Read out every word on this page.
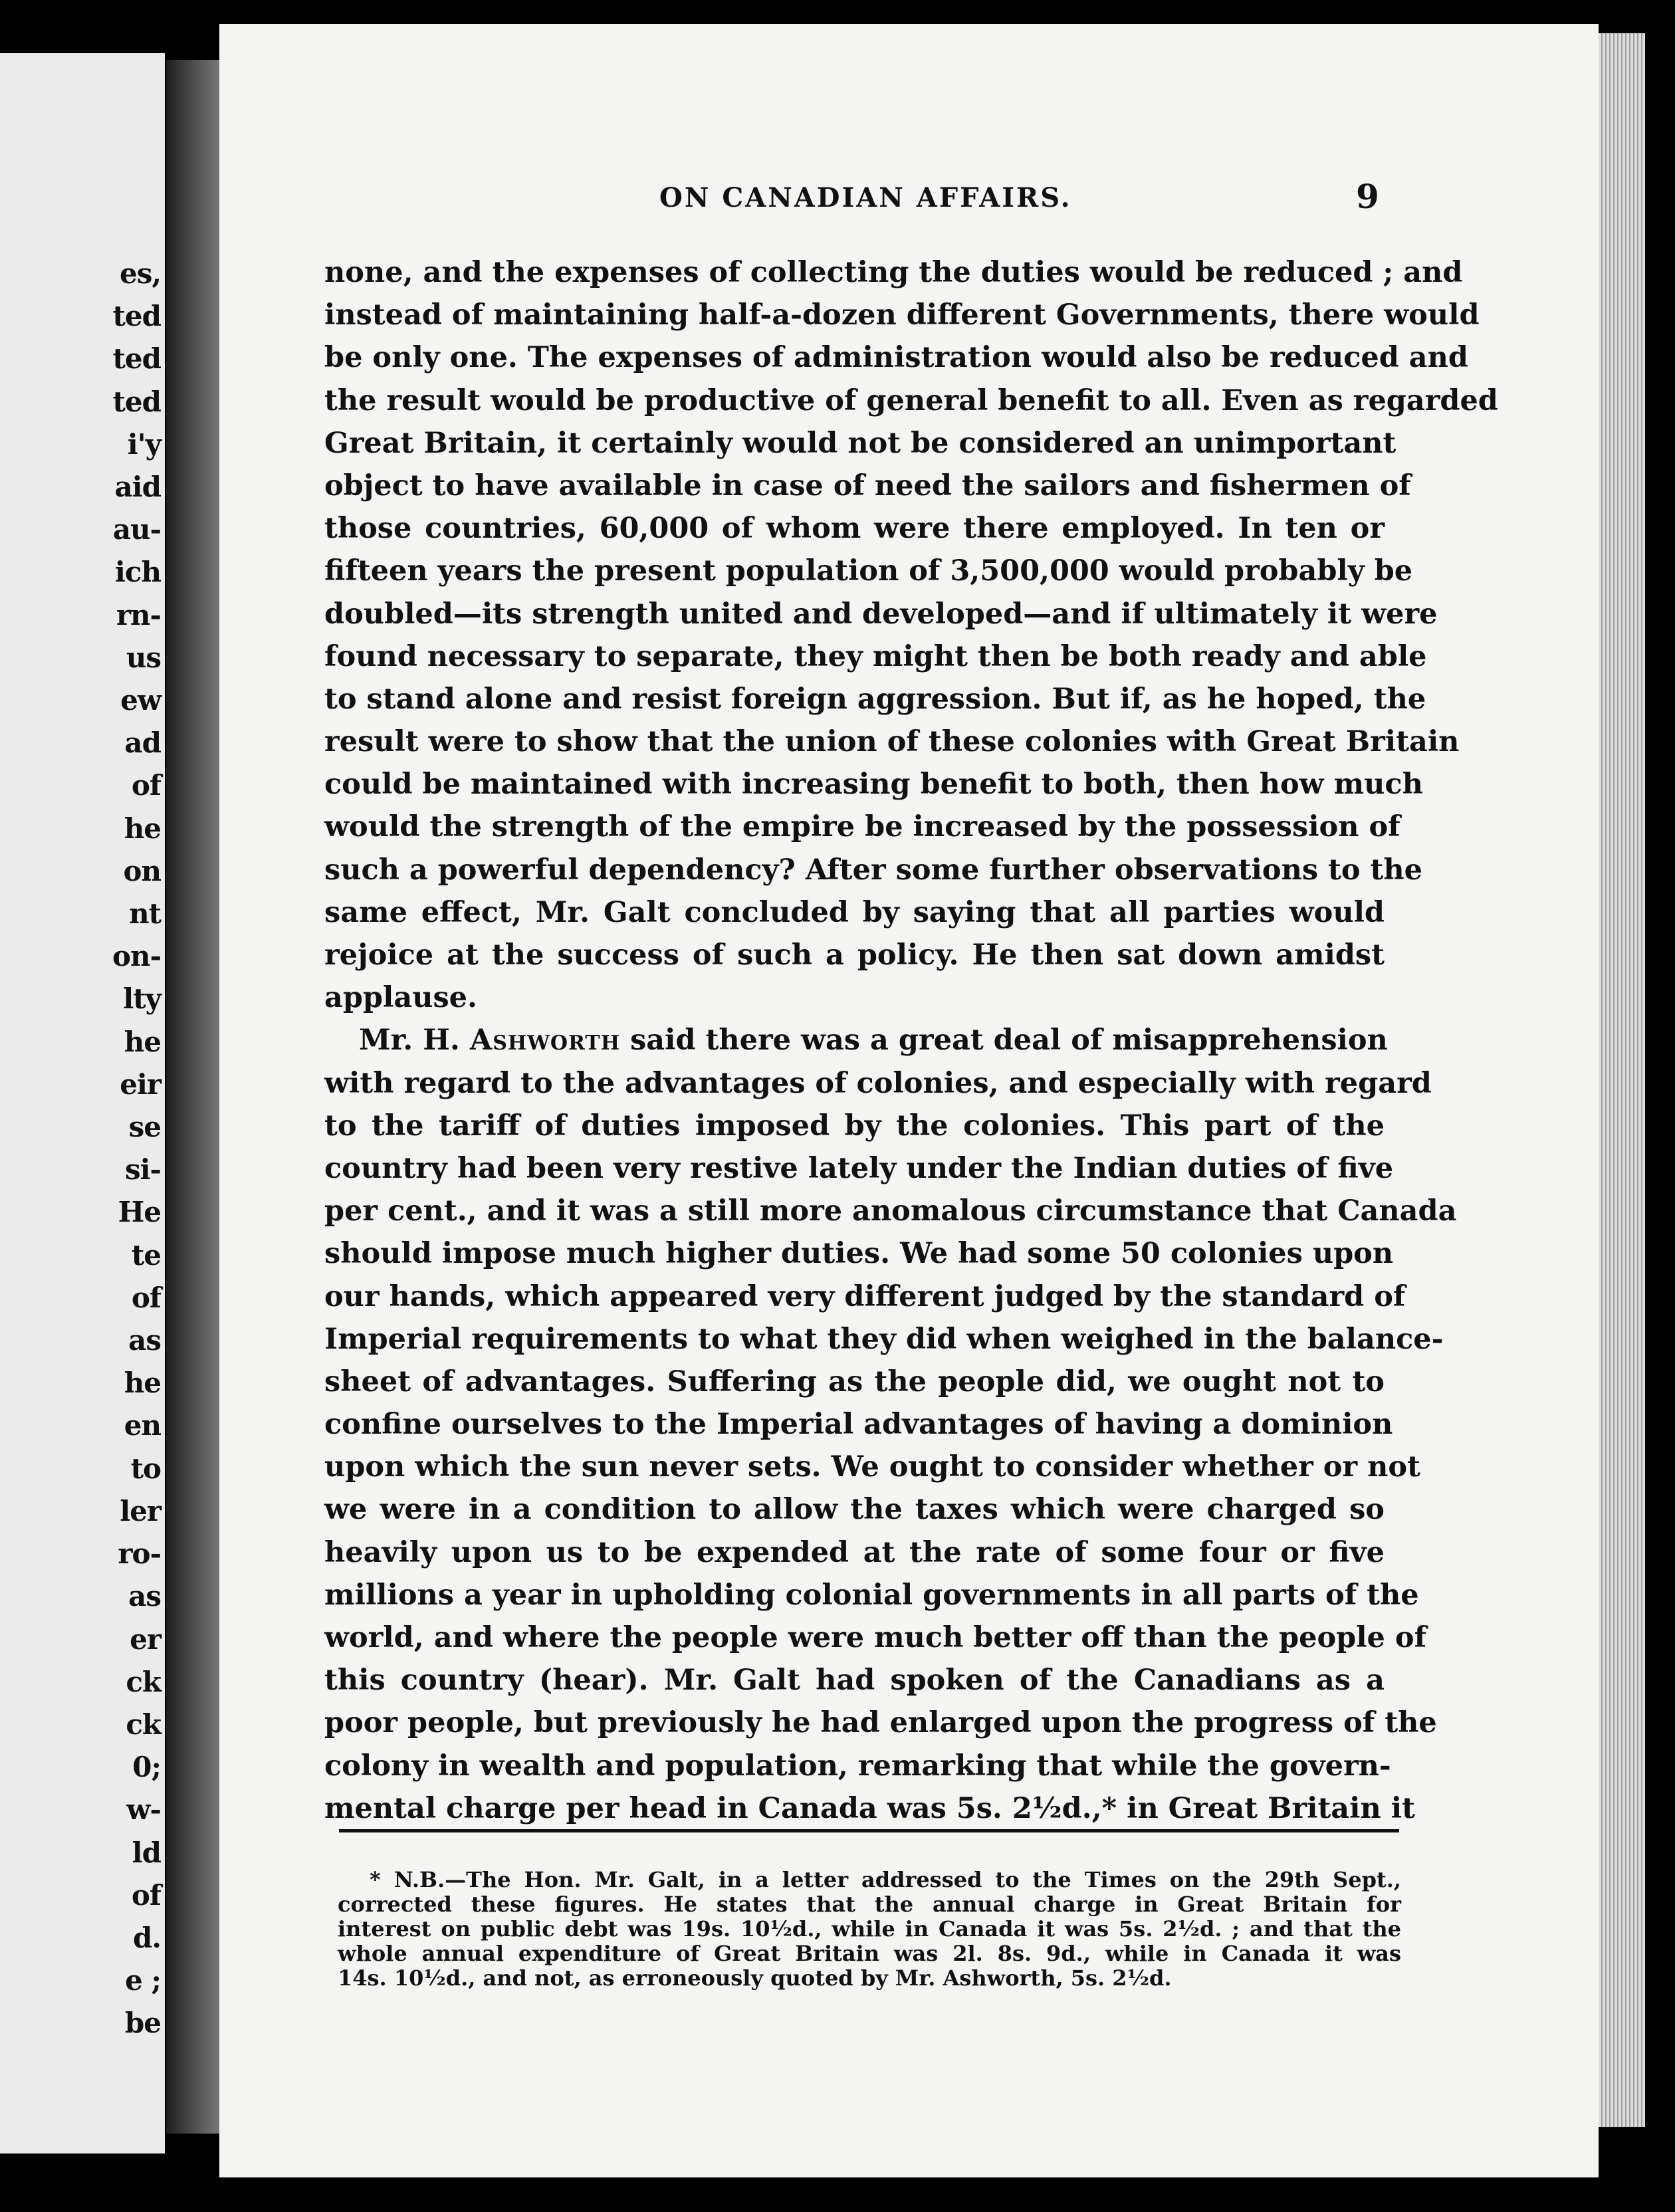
es,
ted
ted
ted
i'y
aid
au-
ich
rn-
us
ew
ad
of
he
on
nt
on-
lty
he
eir
se
si-
He
te
of
as
he
en
to
ler
ro-
as
er
ck
ck
0;
w-
ld
of
d.
e ;
be
ON CANADIAN AFFAIRS.	9
none, and the expenses of collecting the duties would be reduced ; and
instead of maintaining half-a-dozen different Governments, there would
be only one. The expenses of administration would also be reduced and
the result would be productive of general benefit to all. Even as regarded
Great Britain, it certainly would not be considered an unimportant
object to have available in case of need the sailors and fishermen of
those countries, 60,000 of whom were there employed. In ten or
fifteen years the present population of 3,500,000 would probably be
doubled—its strength united and developed—and if ultimately it were
found necessary to separate, they might then be both ready and able
to stand alone and resist foreign aggression. But if, as he hoped, the
result were to show that the union of these colonies with Great Britain
could be maintained with increasing benefit to both, then how much
would the strength of the empire be increased by the possession of
such a powerful dependency? After some further observations to the
same effect, Mr. Galt concluded by saying that all parties would
rejoice at the success of such a policy. He then sat down amidst
applause.
Mr. H. Ashworth said there was a great deal of misapprehension
with regard to the advantages of colonies, and especially with regard
to the tariff of duties imposed by the colonies. This part of the
country had been very restive lately under the Indian duties of five
per cent., and it was a still more anomalous circumstance that Canada
should impose much higher duties. We had some 50 colonies upon
our hands, which appeared very different judged by the standard of
Imperial requirements to what they did when weighed in the balance-
sheet of advantages. Suffering as the people did, we ought not to
confine ourselves to the Imperial advantages of having a dominion
upon which the sun never sets. We ought to consider whether or not
we were in a condition to allow the taxes which were charged so
heavily upon us to be expended at the rate of some four or five
millions a year in upholding colonial governments in all parts of the
world, and where the people were much better off than the people of
this country (hear). Mr. Galt had spoken of the Canadians as a
poor people, but previously he had enlarged upon the progress of the
colony in wealth and population, remarking that while the govern-
mental charge per head in Canada was 5s. 2½d.,* in Great Britain it
* N.B.—The Hon. Mr. Galt, in a letter addressed to the Times on the 29th Sept.,
corrected these figures. He states that the annual charge in Great Britain for
interest on public debt was 19s. 10½d., while in Canada it was 5s. 2½d. ; and that the
whole annual expenditure of Great Britain was 2l. 8s. 9d., while in Canada it was
14s. 10½d., and not, as erroneously quoted by Mr. Ashworth, 5s. 2½d.
